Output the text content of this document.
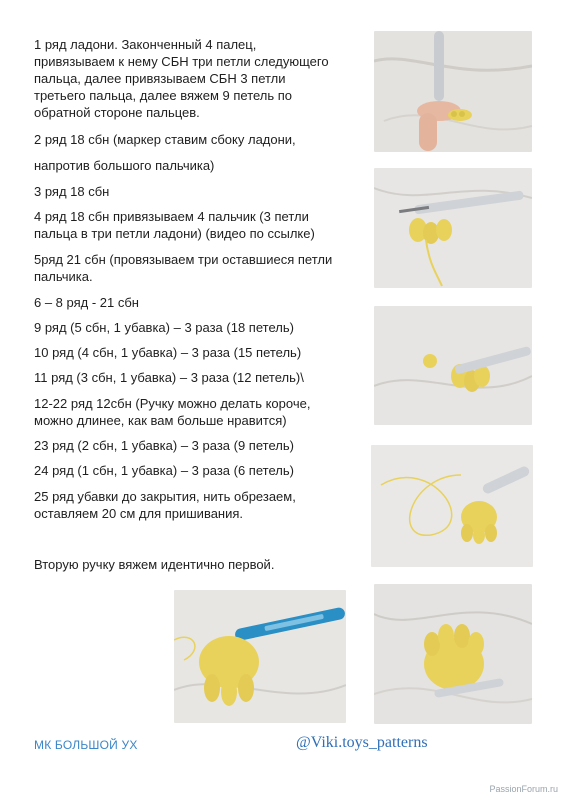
1 ряд ладони. Законченный 4 палец,

привязываем к нему СБН три петли следующего

пальца, далее привязываем СБН 3 петли

третьего пальца, далее вяжем 9 петель по

обратной стороне пальцев.

2 ряд 18 сбн (маркер ставим сбоку ладони,

напротив большого пальчика)

3 ряд 18 сбн

4 ряд 18 сбн привязываем 4 пальчик (3 петли

пальца в три петли ладони) (видео по ссылке)

5ряд 21 сбн (провязываем три оставшиеся петли

пальчика.

6 – 8 ряд - 21 сбн

9 ряд (5 сбн, 1 убавка) – 3 раза (18 петель)

10 ряд (4 сбн, 1 убавка) – 3 раза (15 петель)

11 ряд (3 сбн, 1 убавка) – 3 раза (12 петель)\

12-22 ряд 12сбн (Ручку можно делать короче,

можно длинее, как вам больше нравится)

23 ряд (2 сбн, 1 убавка) – 3 раза (9 петель)

24 ряд (1 сбн, 1 убавка) – 3 раза (6 петель)

25 ряд убавки до закрытия, нить обрезаем,

оставляем 20 см для пришивания.

Вторую ручку вяжем идентично первой.

МК БОЛЬШОЙ УХ	@Viki.toys_patterns
PassionForum.ru
